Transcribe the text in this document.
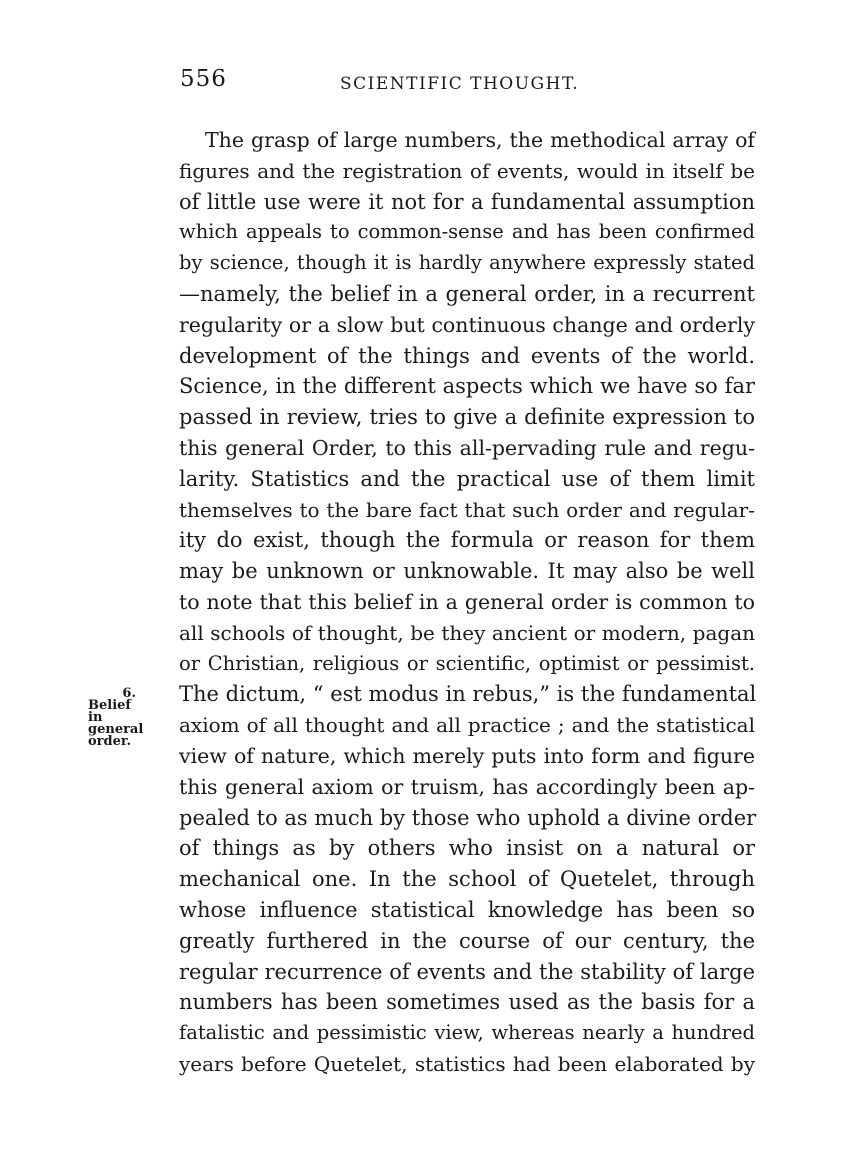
556	SCIENTIFIC THOUGHT.
6.
Belief in
general
order.
The grasp of large numbers, the methodical array of
figures and the registration of events, would in itself be
of little use were it not for a fundamental assumption
which appeals to common-sense and has been confirmed
by science, though it is hardly anywhere expressly stated
—namely, the belief in a general order, in a recurrent
regularity or a slow but continuous change and orderly
development of the things and events of the world.
Science, in the different aspects which we have so far
passed in review, tries to give a definite expression to
this general Order, to this all-pervading rule and regu-
larity. Statistics and the practical use of them limit
themselves to the bare fact that such order and regular-
ity do exist, though the formula or reason for them
may be unknown or unknowable. It may also be well
to note that this belief in a general order is common to
all schools of thought, be they ancient or modern, pagan
or Christian, religious or scientific, optimist or pessimist.
The dictum, “ est modus in rebus,” is the fundamental
axiom of all thought and all practice ; and the statistical
view of nature, which merely puts into form and figure
this general axiom or truism, has accordingly been ap-
pealed to as much by those who uphold a divine order
of things as by others who insist on a natural or
mechanical one. In the school of Quetelet, through
whose influence statistical knowledge has been so
greatly furthered in the course of our century, the
regular recurrence of events and the stability of large
numbers has been sometimes used as the basis for a
fatalistic and pessimistic view, whereas nearly a hundred
years before Quetelet, statistics had been elaborated by
